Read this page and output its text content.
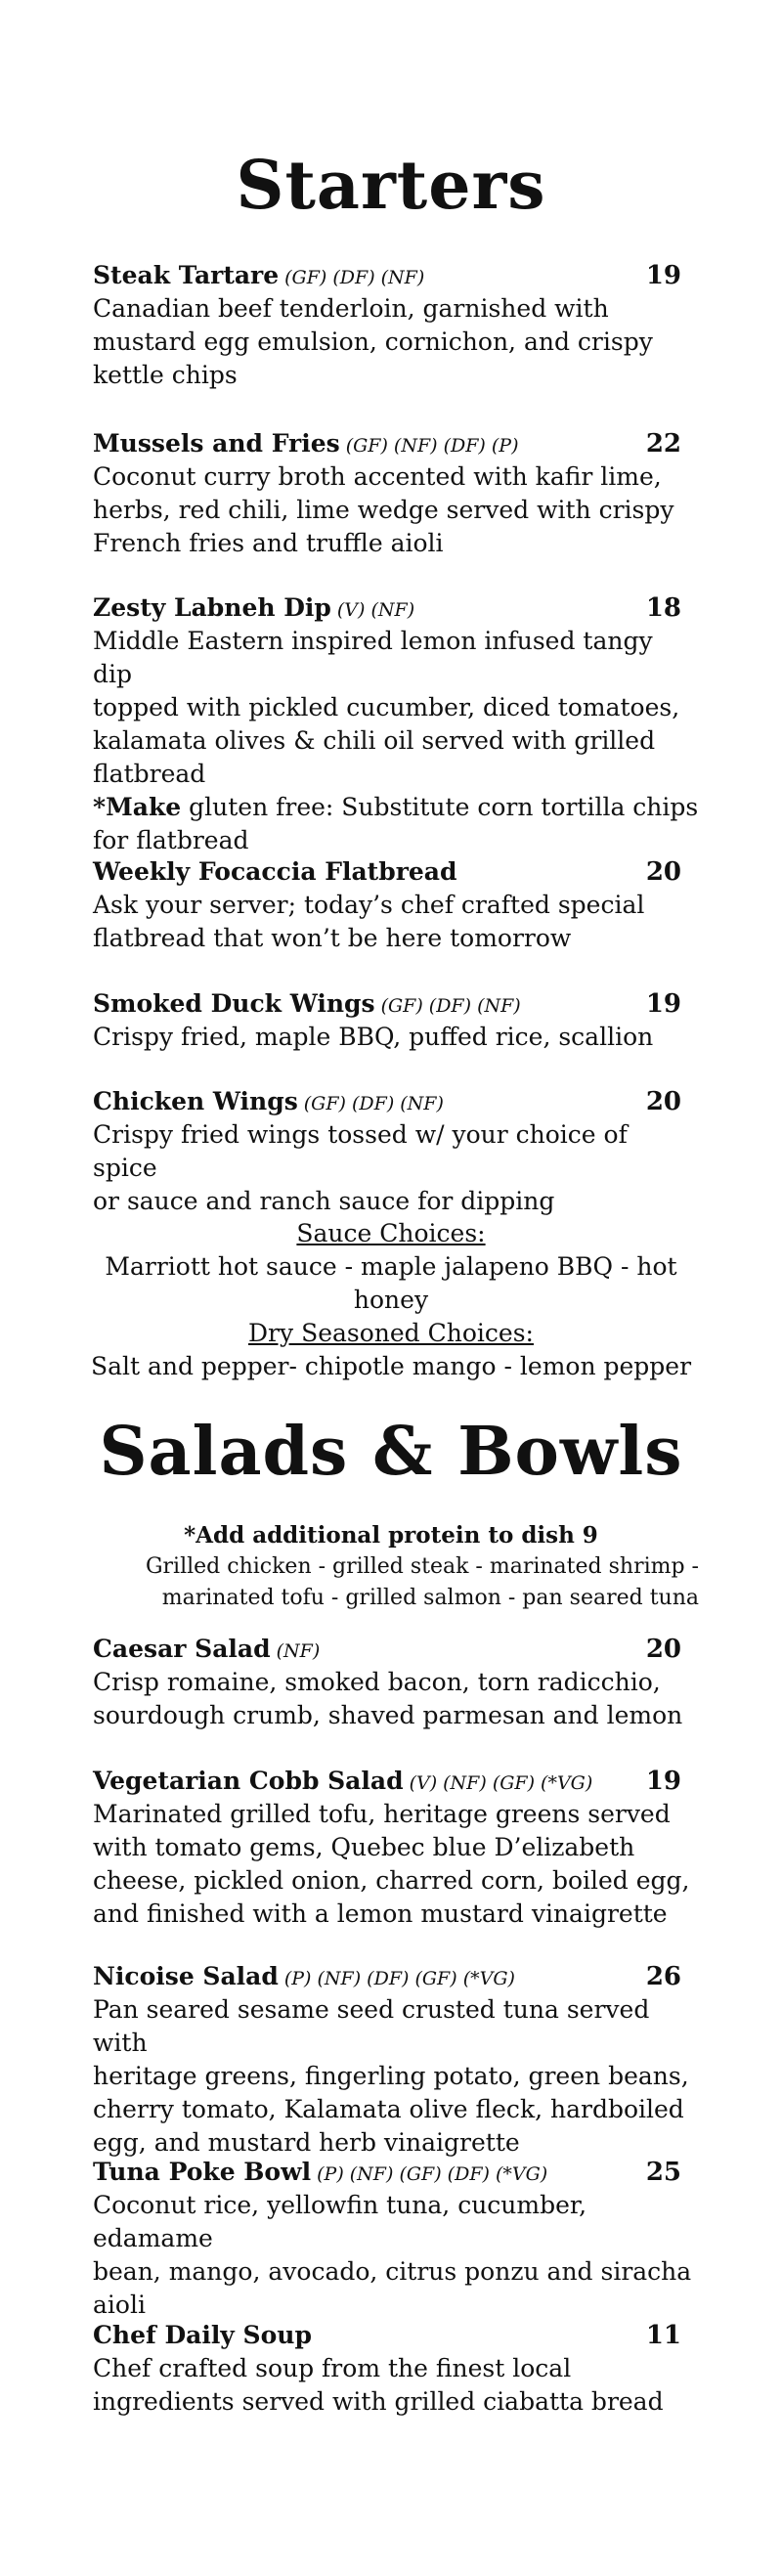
Starters
Steak Tartare (GF) (DF) (NF)	19

Canadian beef tenderloin, garnished with

mustard egg emulsion, cornichon, and crispy

kettle chips

Mussels and Fries (GF) (NF) (DF) (P)	22

Coconut curry broth accented with kafir lime,

herbs, red chili, lime wedge served with crispy

French fries and truffle aioli

Zesty Labneh Dip (V) (NF)	18

Middle Eastern inspired lemon infused tangy dip

topped with pickled cucumber, diced tomatoes,

kalamata olives & chili oil served with grilled

flatbread

*Make gluten free: Substitute corn tortilla chips

for flatbread

Weekly Focaccia Flatbread	20

Ask your server; today’s chef crafted special

flatbread that won’t be here tomorrow

Smoked Duck Wings (GF) (DF) (NF)	19

Crispy fried, maple BBQ, puffed rice, scallion

Chicken Wings (GF) (DF) (NF)	20

Crispy fried wings tossed w/ your choice of spice

or sauce and ranch sauce for dipping

Sauce Choices:
Marriott hot sauce - maple jalapeno BBQ - hot
honey
Dry Seasoned Choices:
Salt and pepper- chipotle mango - lemon pepper
Salads & Bowls
*Add additional protein to dish 9
Grilled chicken - grilled steak - marinated shrimp -
marinated tofu - grilled salmon - pan seared tuna
Caesar Salad (NF)	20

Crisp romaine, smoked bacon, torn radicchio,

sourdough crumb, shaved parmesan and lemon

Vegetarian Cobb Salad (V) (NF) (GF) (*VG) 19

Marinated grilled tofu, heritage greens served

with tomato gems, Quebec blue D’elizabeth

cheese, pickled onion, charred corn, boiled egg,

and finished with a lemon mustard vinaigrette

Nicoise Salad (P) (NF) (DF) (GF) (*VG)	26

Pan seared sesame seed crusted tuna served with

heritage greens, fingerling potato, green beans,

cherry tomato, Kalamata olive fleck, hardboiled

egg, and mustard herb vinaigrette

Tuna Poke Bowl (P) (NF) (GF) (DF) (*VG)	25

Coconut rice, yellowfin tuna, cucumber, edamame

bean, mango, avocado, citrus ponzu and siracha

aioli

Chef Daily Soup	11

Chef crafted soup from the finest local

ingredients served with grilled ciabatta bread
